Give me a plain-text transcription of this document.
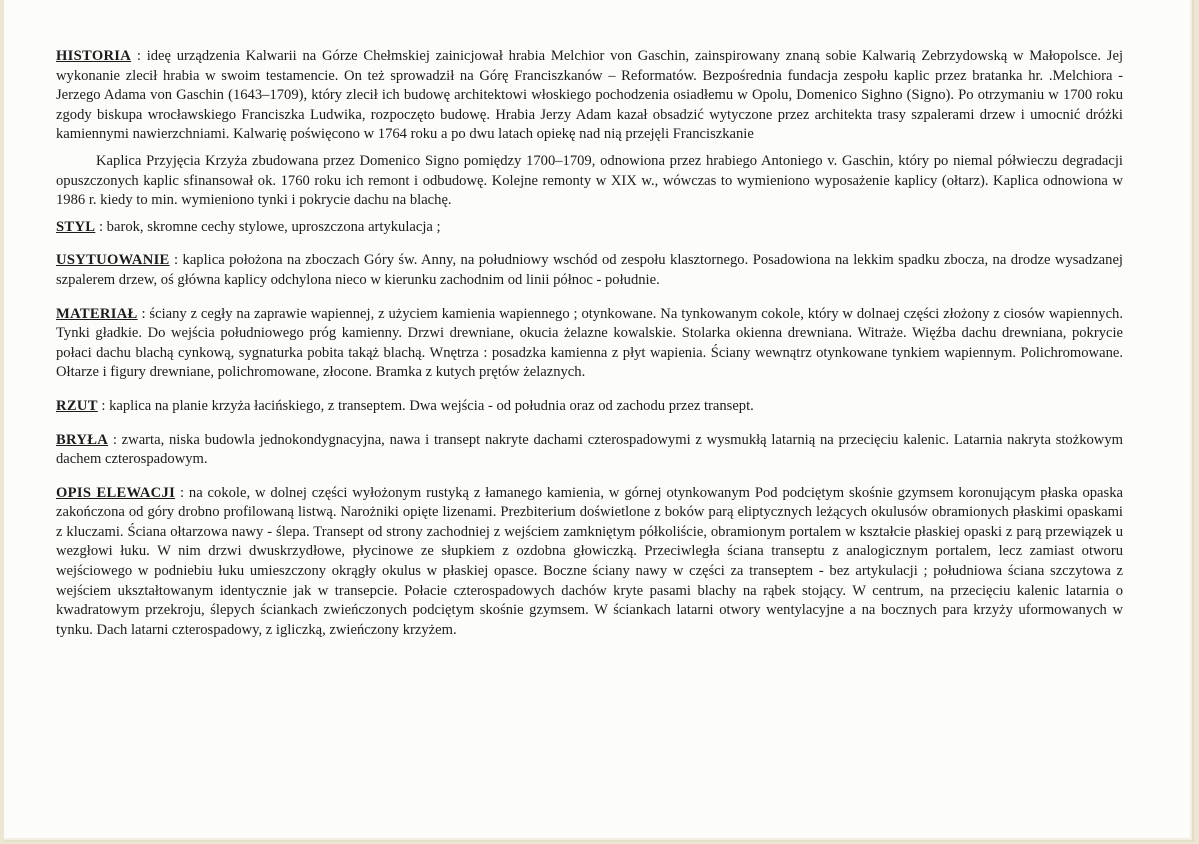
HISTORIA : ideę urządzenia Kalwarii na Górze Chełmskiej zainicjował hrabia Melchior von Gaschin, zainspirowany znaną sobie Kalwarią Zebrzydowską w Małopolsce. Jej wykonanie zlecił hrabia w swoim testamencie. On też sprowadził na Górę Franciszkanów – Reformatów. Bezpośrednia fundacja zespołu kaplic przez bratanka hr. .Melchiora - Jerzego Adama von Gaschin (1643–1709), który zlecił ich budowę architektowi włoskiego pochodzenia osiadłemu w Opolu, Domenico Sighno (Signo). Po otrzymaniu w 1700 roku zgody biskupa wrocławskiego Franciszka Ludwika, rozpoczęto budowę. Hrabia Jerzy Adam kazał obsadzić wytyczone przez architekta trasy szpalerami drzew i umocnić dróżki kamiennymi nawierzchniami. Kalwarię poświęcono w 1764 roku a po dwu latach opiekę nad nią przejęli Franciszkanie

Kaplica Przyjęcia Krzyża zbudowana przez Domenico Signo pomiędzy 1700–1709, odnowiona przez hrabiego Antoniego v. Gaschin, który po niemal półwieczu degradacji opuszczonych kaplic sfinansował ok. 1760 roku ich remont i odbudowę. Kolejne remonty w XIX w., wówczas to wymieniono wyposażenie kaplicy (ołtarz). Kaplica odnowiona w 1986 r. kiedy to min. wymieniono tynki i pokrycie dachu na blachę.

STYL : barok, skromne cechy stylowe, uproszczona artykulacja ;

USYTUOWANIE : kaplica położona na zboczach Góry św. Anny, na południowy wschód od zespołu klasztornego. Posadowiona na lekkim spadku zbocza, na drodze wysadzanej szpalerem drzew, oś główna kaplicy odchylona nieco w kierunku zachodnim od linii północ - południe.

MATERIAŁ : ściany z cegły na zaprawie wapiennej, z użyciem kamienia wapiennego ; otynkowane. Na tynkowanym cokole, który w dolnaej części złożony z ciosów wapiennych. Tynki gładkie. Do wejścia południowego próg kamienny. Drzwi drewniane, okucia żelazne kowalskie. Stolarka okienna drewniana. Witraże. Więźba dachu drewniana, pokrycie połaci dachu blachą cynkową, sygnaturka pobita takąż blachą. Wnętrza : posadzka kamienna z płyt wapienia. Ściany wewnątrz otynkowane tynkiem wapiennym. Polichromowane. Ołtarze i figury drewniane, polichromowane, złocone. Bramka z kutych prętów żelaznych.

RZUT : kaplica na planie krzyża łacińskiego, z transeptem. Dwa wejścia - od południa oraz od zachodu przez transept.

BRYŁA : zwarta, niska budowla jednokondygnacyjna, nawa i transept nakryte dachami czterospadowymi z wysmukłą latarnią na przecięciu kalenic. Latarnia nakryta stożkowym dachem czterospadowym.

OPIS ELEWACJI : na cokole, w dolnej części wyłożonym rustyką z łamanego kamienia, w górnej otynkowanym Pod podciętym skośnie gzymsem koronującym płaska opaska zakończona od góry drobno profilowaną listwą. Narożniki opięte lizenami. Prezbiterium doświetlone z boków parą eliptycznych leżących okulusów obramionych płaskimi opaskami z kluczami. Ściana ołtarzowa nawy - ślepa. Transept od strony zachodniej z wejściem zamkniętym półkoliście, obramionym portalem w kształcie płaskiej opaski z parą przewiązek u wezgłowi łuku. W nim drzwi dwuskrzydłowe, płycinowe ze słupkiem z ozdobna głowiczką. Przeciwległa ściana transeptu z analogicznym portalem, lecz zamiast otworu wejściowego w podniebiu łuku umieszczony okrągły okulus w płaskiej opasce. Boczne ściany nawy w części za transeptem - bez artykulacji ; południowa ściana szczytowa z wejściem ukształtowanym identycznie jak w transepcie. Połacie czterospadowych dachów kryte pasami blachy na rąbek stojący. W centrum, na przecięciu kalenic latarnia o kwadratowym przekroju, ślepych ściankach zwieńczonych podciętym skośnie gzymsem. W ściankach latarni otwory wentylacyjne a na bocznych para krzyży uformowanych w tynku. Dach latarni czterospadowy, z igliczką, zwieńczony krzyżem.
